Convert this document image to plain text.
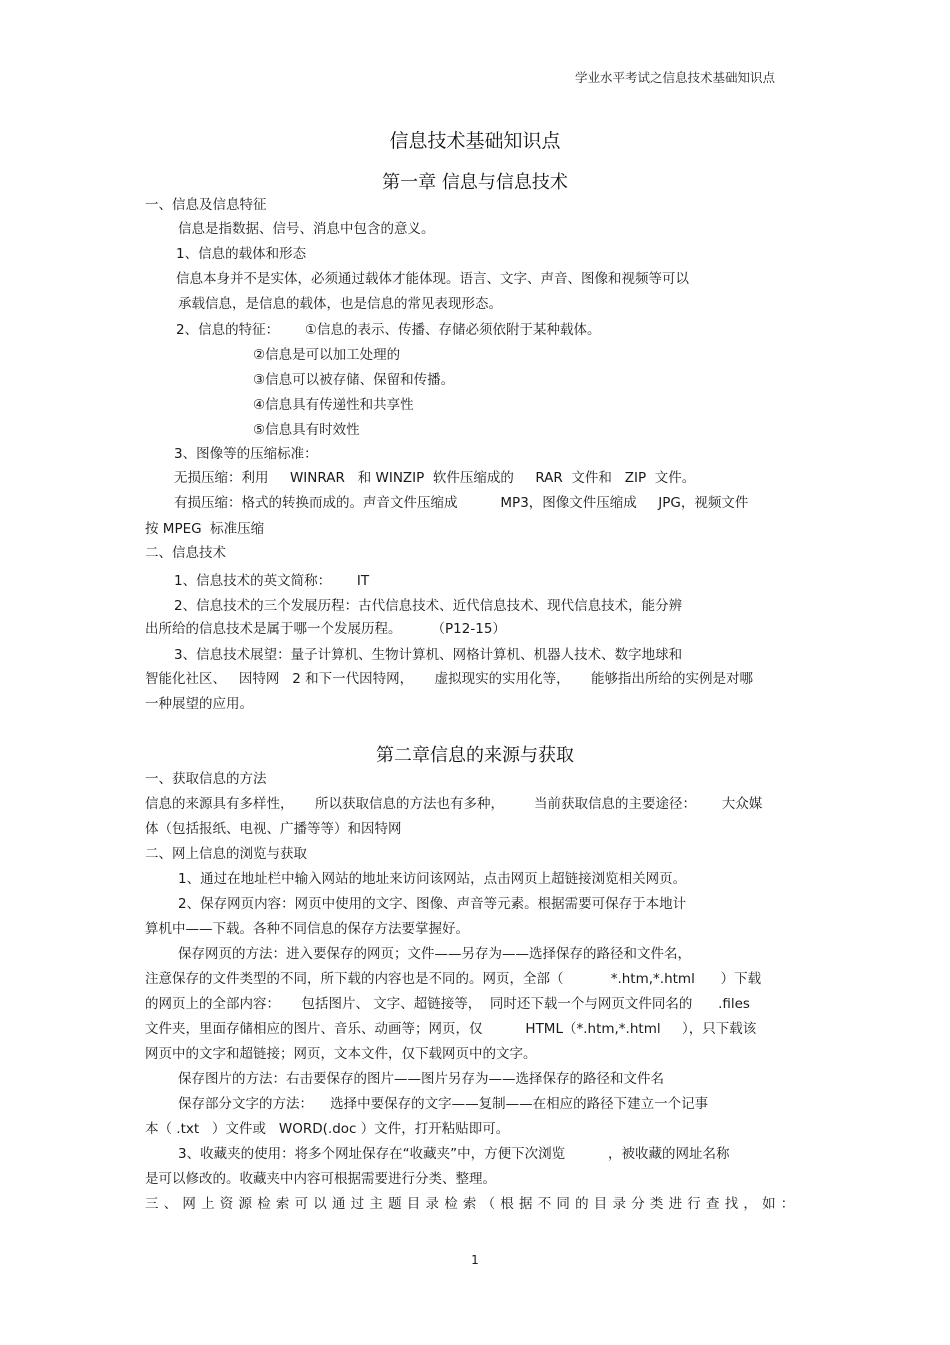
学业水平考试之信息技术基础知识点
信息技术基础知识点
第一章 信息与信息技术
一、信息及信息特征
信息是指数据、信号、消息中包含的意义。
1、信息的载体和形态
信息本身并不是实体，必须通过载体才能体现。语言、文字、声音、图像和视频等可以
承载信息，是信息的载体，也是信息的常见表现形态。
2、信息的特征：      ①信息的表示、传播、存储必须依附于某种载体。
②信息是可以加工处理的
③信息可以被存储、保留和传播。
④信息具有传递性和共享性
⑤信息具有时效性
3、图像等的压缩标准：
无损压缩：利用     WINRAR   和 WINZIP  软件压缩成的     RAR  文件和   ZIP  文件。
有损压缩：格式的转换而成的。声音文件压缩成          MP3，图像文件压缩成     JPG，视频文件
按 MPEG  标准压缩
二、信息技术
1、信息技术的英文简称：      IT
2、信息技术的三个发展历程：古代信息技术、近代信息技术、现代信息技术，能分辨
出所给的信息技术是属于哪一个发展历程。       （P12-15）
3、信息技术展望：量子计算机、生物计算机、网格计算机、机器人技术、数字地球和
智能化社区、   因特网   2 和下一代因特网，     虚拟现实的实用化等，     能够指出所给的实例是对哪
一种展望的应用。
第二章信息的来源与获取
一、获取信息的方法
信息的来源具有多样性，     所以获取信息的方法也有多种，       当前获取信息的主要途径：      大众媒
体（包括报纸、电视、广播等等）和因特网
二、网上信息的浏览与获取
1、通过在地址栏中输入网站的地址来访问该网站，点击网页上超链接浏览相关网页。
2、保存网页内容：网页中使用的文字、图像、声音等元素。根据需要可保存于本地计
算机中——下载。各种不同信息的保存方法要掌握好。
保存网页的方法：进入要保存的网页；文件——另存为——选择保存的路径和文件名，
注意保存的文件类型的不同，所下载的内容也是不同的。网页，全部（           *.htm,*.html      ）下载
的网页上的全部内容：     包括图片、 文字、超链接等，  同时还下载一个与网页文件同名的      .files
文件夹，里面存储相应的图片、音乐、动画等；网页，仅          HTML（*.htm,*.html     ），只下载该
网页中的文字和超链接；网页，文本文件，仅下载网页中的文字。
保存图片的方法：右击要保存的图片——图片另存为——选择保存的路径和文件名
保存部分文字的方法：    选择中要保存的文字——复制——在相应的路径下建立一个记事
本（ .txt   ）文件或   WORD(.doc ）文件，打开粘贴即可。
3、收藏夹的使用：将多个网址保存在“收藏夹”中，方便下次浏览          ，被收藏的网址名称
是可以修改的。收藏夹中内容可根据需要进行分类、整理。
三、网上资源检索可以通过主题目录检索（根据不同的目录分类进行查找，如：
1
